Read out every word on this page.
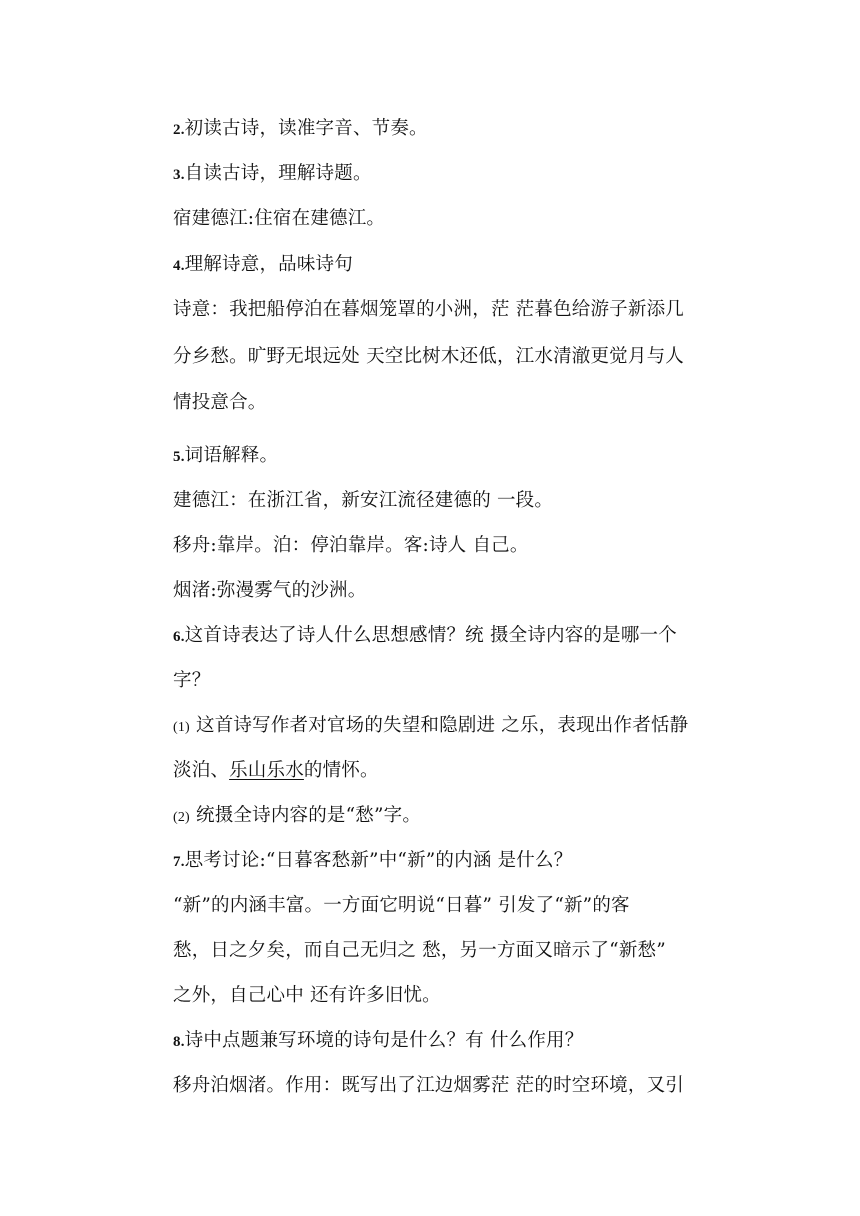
2.初读古诗，读准字音、节奏。
3.自读古诗，理解诗题。
宿建德江:住宿在建德江。
4.理解诗意，品味诗句
诗意：我把船停泊在暮烟笼罩的小洲，茫 茫暮色给游子新添几
分乡愁。旷野无垠远处 天空比树木还低，江水清澈更觉月与人
情投意合。
5.词语解释。
建德江：在浙江省，新安江流径建德的 一段。
移舟:靠岸。泊：停泊靠岸。客:诗人 自己。
烟渚:弥漫雾气的沙洲。
6.这首诗表达了诗人什么思想感情？统 摄全诗内容的是哪一个
字？
(1) 这首诗写作者对官场的失望和隐剧进 之乐，表现出作者恬静
淡泊、乐山乐水的情怀。
(2) 统摄全诗内容的是“愁”字。
7.思考讨论:“日暮客愁新”中“新”的内涵 是什么？
“新”的内涵丰富。一方面它明说“日暮” 引发了“新”的客
愁，日之夕矣，而自己无归之 愁，另一方面又暗示了“新愁”
之外，自己心中 还有许多旧忧。
8.诗中点题兼写环境的诗句是什么？有 什么作用？
移舟泊烟渚。作用：既写出了江边烟雾茫 茫的时空环境，又引
